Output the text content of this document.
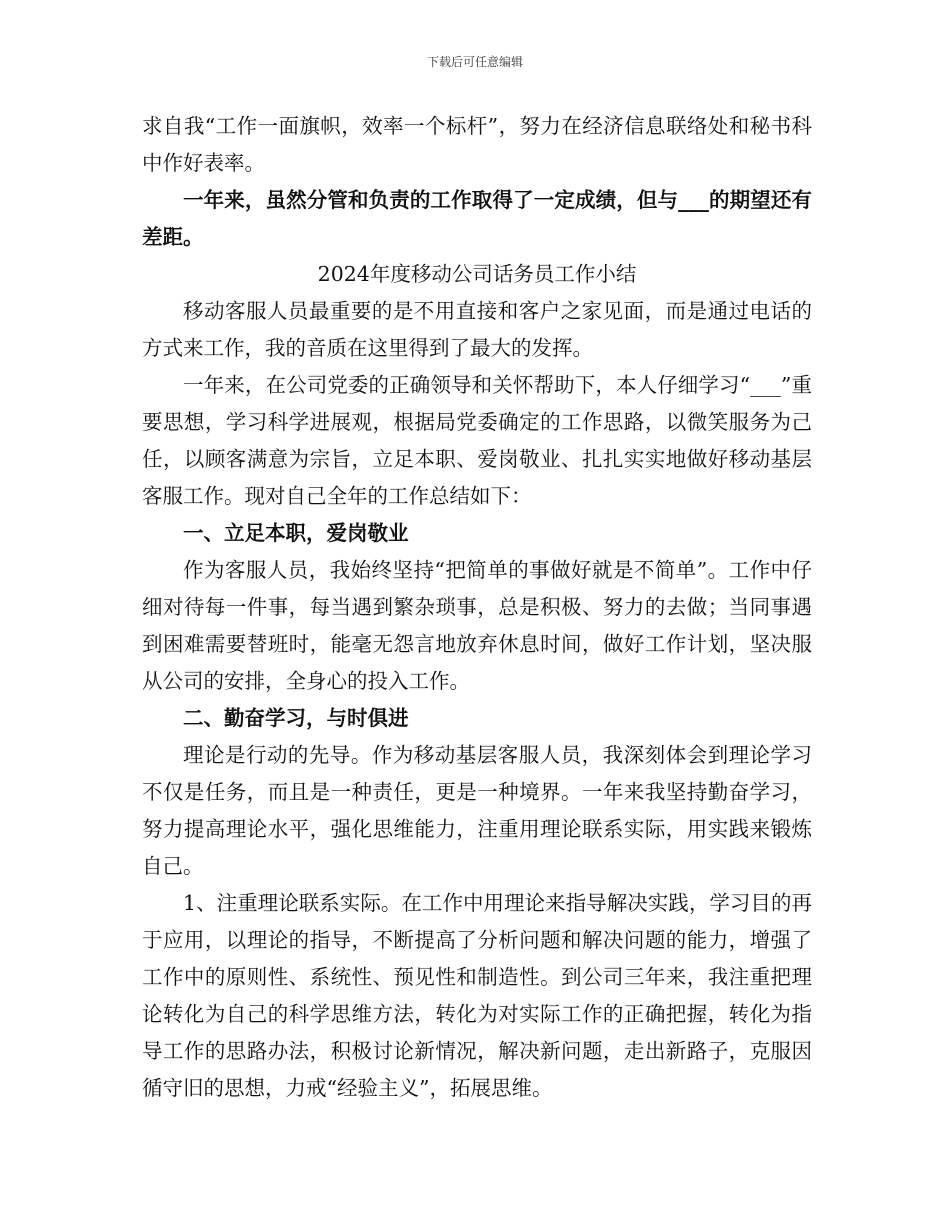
下载后可任意编辑

求自我“工作一面旗帜，效率一个标杆”，努力在经济信息联络处和秘书科中作好表率。

一年来，虽然分管和负责的工作取得了一定成绩，但与___的期望还有差距。

2024年度移动公司话务员工作小结

移动客服人员最重要的是不用直接和客户之家见面，而是通过电话的方式来工作，我的音质在这里得到了最大的发挥。

一年来，在公司党委的正确领导和关怀帮助下，本人仔细学习“___”重要思想，学习科学进展观，根据局党委确定的工作思路，以微笑服务为己任，以顾客满意为宗旨，立足本职、爱岗敬业、扎扎实实地做好移动基层客服工作。现对自己全年的工作总结如下：

一、立足本职，爱岗敬业

作为客服人员，我始终坚持“把简单的事做好就是不简单”。工作中仔细对待每一件事，每当遇到繁杂琐事，总是积极、努力的去做；当同事遇到困难需要替班时，能毫无怨言地放弃休息时间，做好工作计划，坚决服从公司的安排，全身心的投入工作。

二、勤奋学习，与时俱进

理论是行动的先导。作为移动基层客服人员，我深刻体会到理论学习不仅是任务，而且是一种责任，更是一种境界。一年来我坚持勤奋学习，努力提高理论水平，强化思维能力，注重用理论联系实际，用实践来锻炼自己。

1、注重理论联系实际。在工作中用理论来指导解决实践，学习目的再于应用，以理论的指导，不断提高了分析问题和解决问题的能力，增强了工作中的原则性、系统性、预见性和制造性。到公司三年来，我注重把理论转化为自己的科学思维方法，转化为对实际工作的正确把握，转化为指导工作的思路办法，积极讨论新情况，解决新问题，走出新路子，克服因循守旧的思想，力戒“经验主义”，拓展思维。
